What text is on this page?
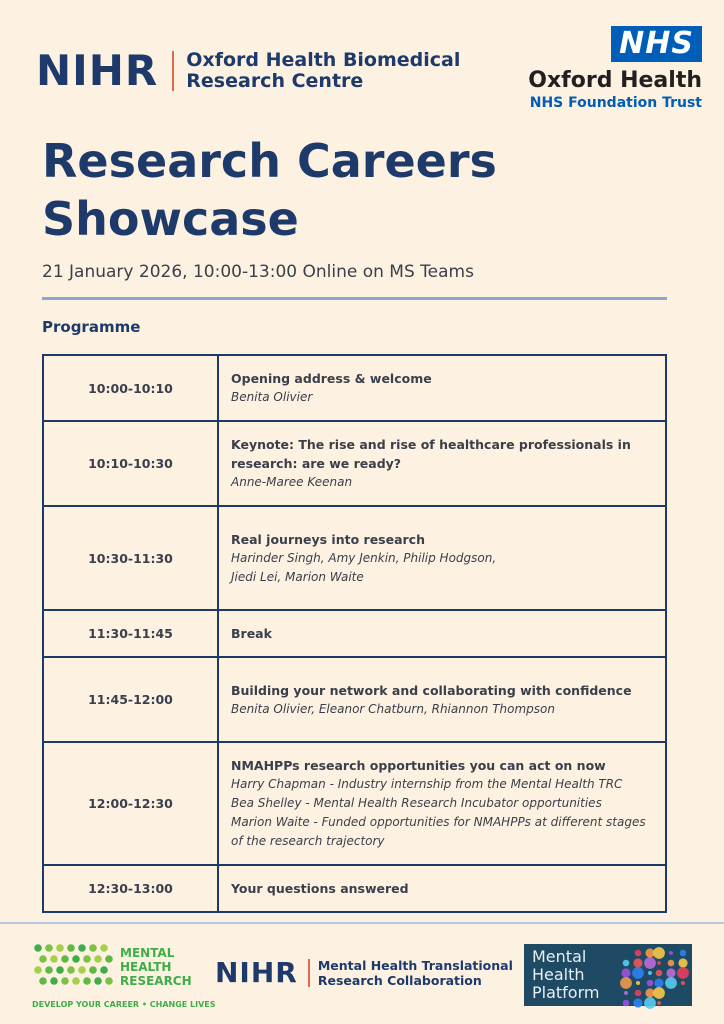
NIHR Oxford Health Biomedical
Research Centre
NHS
Oxford Health
NHS Foundation Trust
Research Careers
Showcase
21 January 2026, 10:00-13:00 Online on MS Teams
Programme
10:00-10:10	Opening address & welcome
Benita Olivier

10:10-10:30	Keynote: The rise and rise of healthcare professionals in research: are we ready?
Anne-Maree Keenan

10:30-11:30	Real journeys into research
Harinder Singh, Amy Jenkin, Philip Hodgson,
Jiedi Lei, Marion Waite

11:30-11:45	Break

11:45-12:00	Building your network and collaborating with confidence
Benita Olivier, Eleanor Chatburn, Rhiannon Thompson

12:00-12:30	NMAHPPs research opportunities you can act on now
Harry Chapman - Industry internship from the Mental Health TRC
Bea Shelley - Mental Health Research Incubator opportunities
Marion Waite - Funded opportunities for NMAHPPs at different stages of the research trajectory

12:30-13:00	Your questions answered
MENTAL
HEALTH
RESEARCH
DEVELOP YOUR CAREER • CHANGE LIVES
NIHR Mental Health Translational
Research Collaboration
Mental
Health
Platform
